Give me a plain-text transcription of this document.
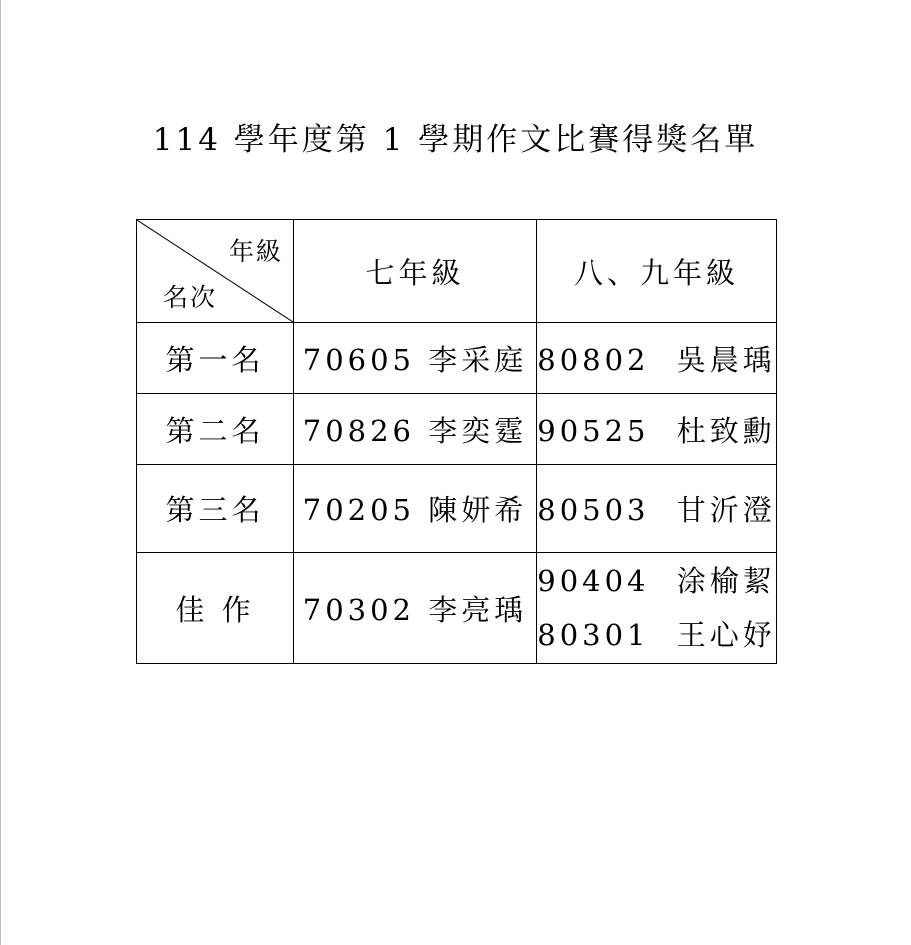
114 學年度第 1 學期作文比賽得獎名單
年級
名次	七年級	八、九年級
第一名	70605 李采庭	80802 吳晨瑀
第二名	70826 李奕霆	90525 杜致勳
第三名	70205 陳妍希	80503 甘沂澄
佳 作	70302 李亮瑀	90404 涂榆絜
80301 王心妤
